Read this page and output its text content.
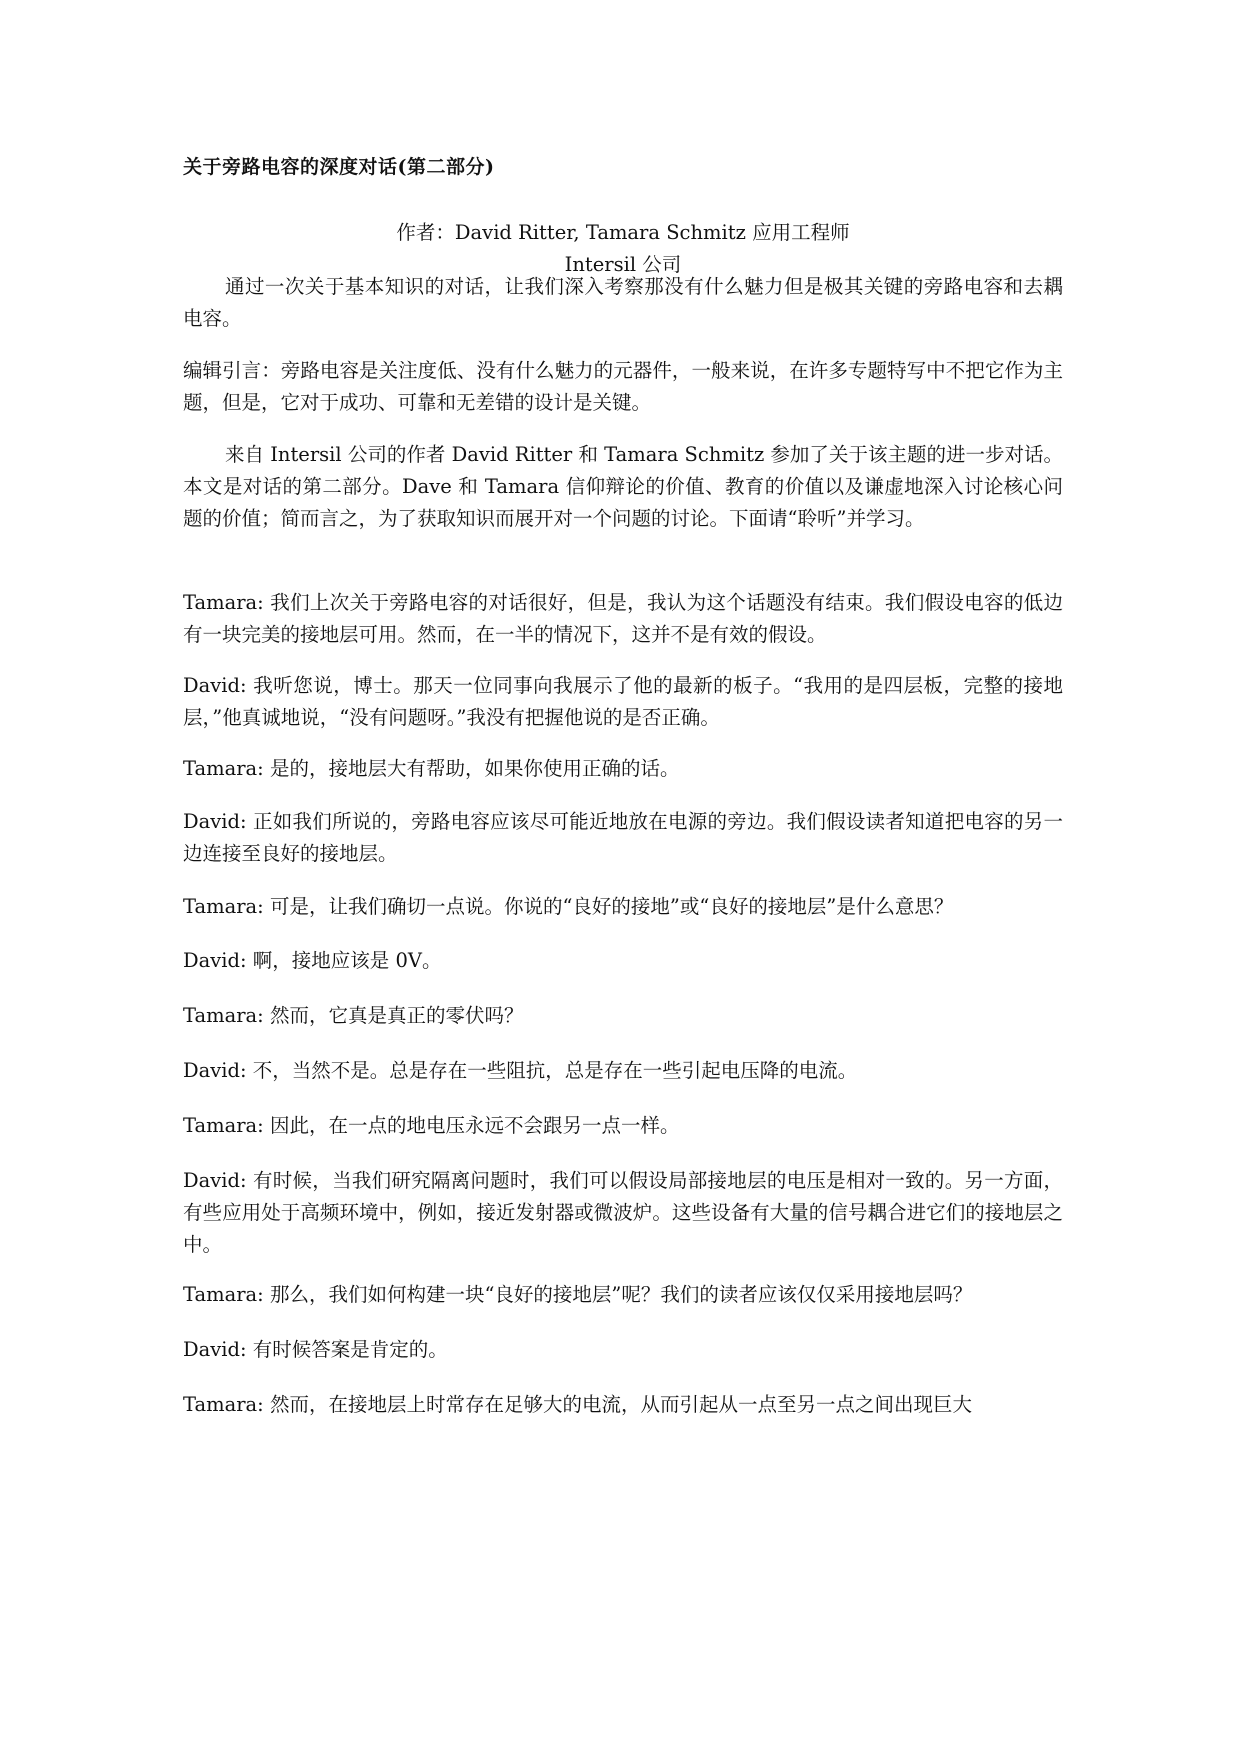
关于旁路电容的深度对话(第二部分)
作者：David Ritter, Tamara Schmitz 应用工程师
Intersil 公司

通过一次关于基本知识的对话，让我们深入考察那没有什么魅力但是极其关键的旁路电容和去耦电容。

编辑引言：旁路电容是关注度低、没有什么魅力的元器件，一般来说，在许多专题特写中不把它作为主题，但是，它对于成功、可靠和无差错的设计是关键。

来自 Intersil 公司的作者 David Ritter 和 Tamara Schmitz 参加了关于该主题的进一步对话。本文是对话的第二部分。Dave 和 Tamara 信仰辩论的价值、教育的价值以及谦虚地深入讨论核心问题的价值；简而言之，为了获取知识而展开对一个问题的讨论。下面请“聆听”并学习。

Tamara: 我们上次关于旁路电容的对话很好，但是，我认为这个话题没有结束。我们假设电容的低边有一块完美的接地层可用。然而，在一半的情况下，这并不是有效的假设。

David: 我听您说，博士。那天一位同事向我展示了他的最新的板子。“我用的是四层板，完整的接地层，”他真诚地说，“没有问题呀。”我没有把握他说的是否正确。

Tamara: 是的，接地层大有帮助，如果你使用正确的话。

David: 正如我们所说的，旁路电容应该尽可能近地放在电源的旁边。我们假设读者知道把电容的另一边连接至良好的接地层。

Tamara: 可是，让我们确切一点说。你说的“良好的接地”或“良好的接地层”是什么意思？

David: 啊，接地应该是 0V。

Tamara: 然而，它真是真正的零伏吗？

David: 不，当然不是。总是存在一些阻抗，总是存在一些引起电压降的电流。

Tamara: 因此，在一点的地电压永远不会跟另一点一样。

David: 有时候，当我们研究隔离问题时，我们可以假设局部接地层的电压是相对一致的。另一方面，有些应用处于高频环境中，例如，接近发射器或微波炉。这些设备有大量的信号耦合进它们的接地层之中。

Tamara: 那么，我们如何构建一块“良好的接地层”呢？我们的读者应该仅仅采用接地层吗？

David: 有时候答案是肯定的。

Tamara: 然而，在接地层上时常存在足够大的电流，从而引起从一点至另一点之间出现巨大
